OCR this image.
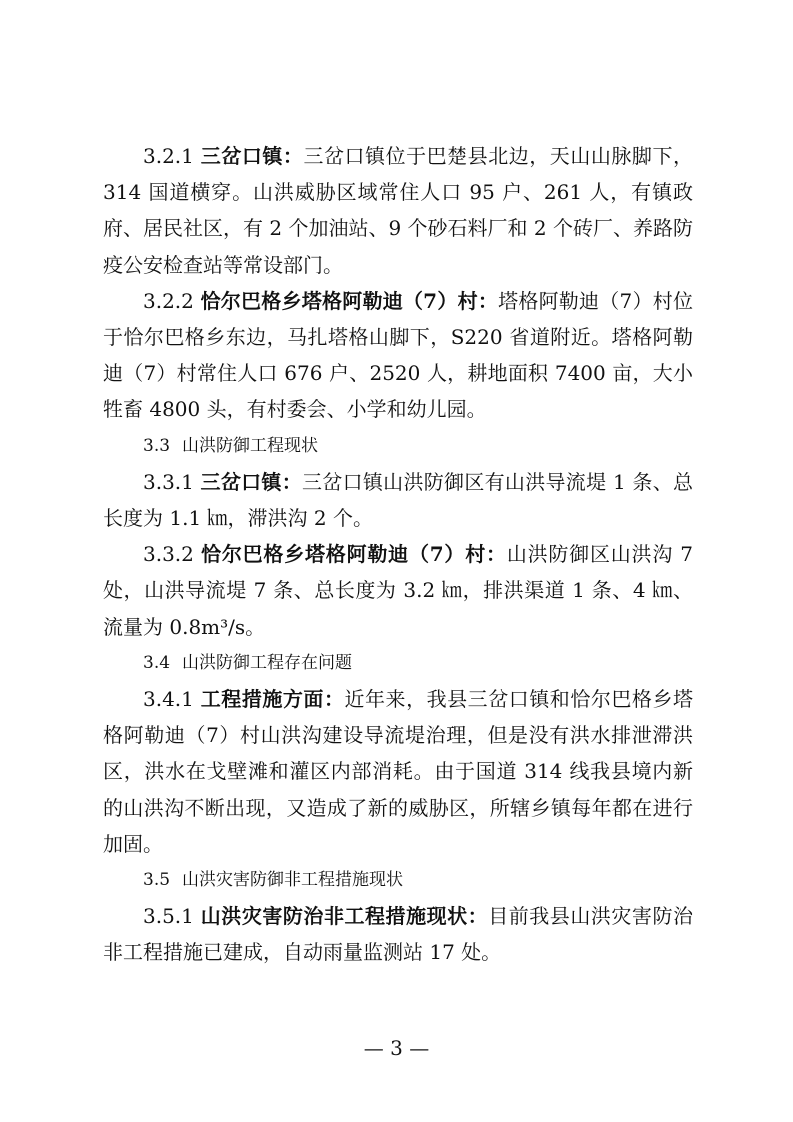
3.2.1 三岔口镇：三岔口镇位于巴楚县北边，天山山脉脚下，314 国道横穿。山洪威胁区域常住人口 95 户、261 人，有镇政府、居民社区，有 2 个加油站、9 个砂石料厂和 2 个砖厂、养路防疫公安检查站等常设部门。

3.2.2 恰尔巴格乡塔格阿勒迪（7）村：塔格阿勒迪（7）村位于恰尔巴格乡东边，马扎塔格山脚下，S220 省道附近。塔格阿勒迪（7）村常住人口 676 户、2520 人，耕地面积 7400 亩，大小牲畜 4800 头，有村委会、小学和幼儿园。

3.3 山洪防御工程现状

3.3.1 三岔口镇：三岔口镇山洪防御区有山洪导流堤 1 条、总长度为 1.1 ㎞，滞洪沟 2 个。

3.3.2 恰尔巴格乡塔格阿勒迪（7）村：山洪防御区山洪沟 7 处，山洪导流堤 7 条、总长度为 3.2 ㎞，排洪渠道 1 条、4 ㎞、流量为 0.8m³/s。

3.4 山洪防御工程存在问题

3.4.1 工程措施方面：近年来，我县三岔口镇和恰尔巴格乡塔格阿勒迪（7）村山洪沟建设导流堤治理，但是没有洪水排泄滞洪区，洪水在戈壁滩和灌区内部消耗。由于国道 314 线我县境内新的山洪沟不断出现，又造成了新的威胁区，所辖乡镇每年都在进行加固。

3.5 山洪灾害防御非工程措施现状

3.5.1 山洪灾害防治非工程措施现状：目前我县山洪灾害防治非工程措施已建成，自动雨量监测站 17 处。

— 3 —
